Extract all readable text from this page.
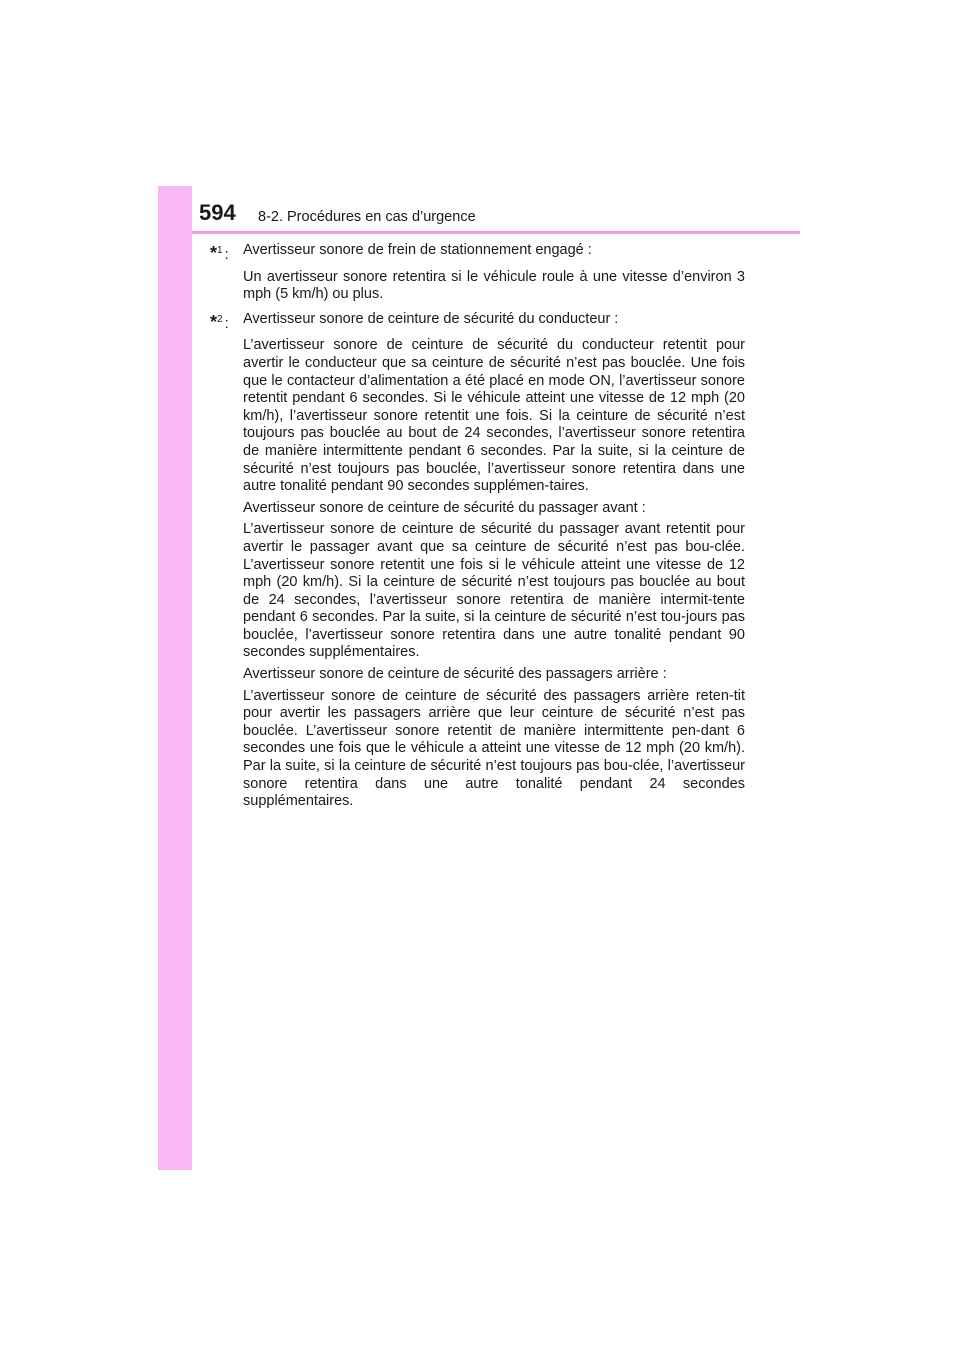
594 8-2. Procédures en cas d’urgence
*$^1$ : Avertisseur sonore de frein de stationnement engagé :

Un avertisseur sonore retentira si le véhicule roule à une vitesse d’environ 3 mph (5 km/h) ou plus.

*$^2$ : Avertisseur sonore de ceinture de sécurité du conducteur :

L’avertisseur sonore de ceinture de sécurité du conducteur retentit pour avertir le conducteur que sa ceinture de sécurité n’est pas bouclée. Une fois que le contacteur d’alimentation a été placé en mode ON, l’avertisseur sonore retentit pendant 6 secondes. Si le véhicule atteint une vitesse de 12 mph (20 km/h), l’avertisseur sonore retentit une fois. Si la ceinture de sécurité n’est toujours pas bouclée au bout de 24 secondes, l’avertisseur sonore retentira de manière intermittente pendant 6 secondes. Par la suite, si la ceinture de sécurité n’est toujours pas bouclée, l’avertisseur sonore retentira dans une autre tonalité pendant 90 secondes supplémen-taires.

Avertisseur sonore de ceinture de sécurité du passager avant :

L’avertisseur sonore de ceinture de sécurité du passager avant retentit pour avertir le passager avant que sa ceinture de sécurité n’est pas bou-clée. L’avertisseur sonore retentit une fois si le véhicule atteint une vitesse de 12 mph (20 km/h). Si la ceinture de sécurité n’est toujours pas bouclée au bout de 24 secondes, l’avertisseur sonore retentira de manière intermit-tente pendant 6 secondes. Par la suite, si la ceinture de sécurité n’est tou-jours pas bouclée, l’avertisseur sonore retentira dans une autre tonalité pendant 90 secondes supplémentaires.

Avertisseur sonore de ceinture de sécurité des passagers arrière :

L’avertisseur sonore de ceinture de sécurité des passagers arrière reten-tit pour avertir les passagers arrière que leur ceinture de sécurité n’est pas bouclée. L’avertisseur sonore retentit de manière intermittente pen-dant 6 secondes une fois que le véhicule a atteint une vitesse de 12 mph (20 km/h). Par la suite, si la ceinture de sécurité n’est toujours pas bou-clée, l’avertisseur sonore retentira dans une autre tonalité pendant 24 secondes supplémentaires.
